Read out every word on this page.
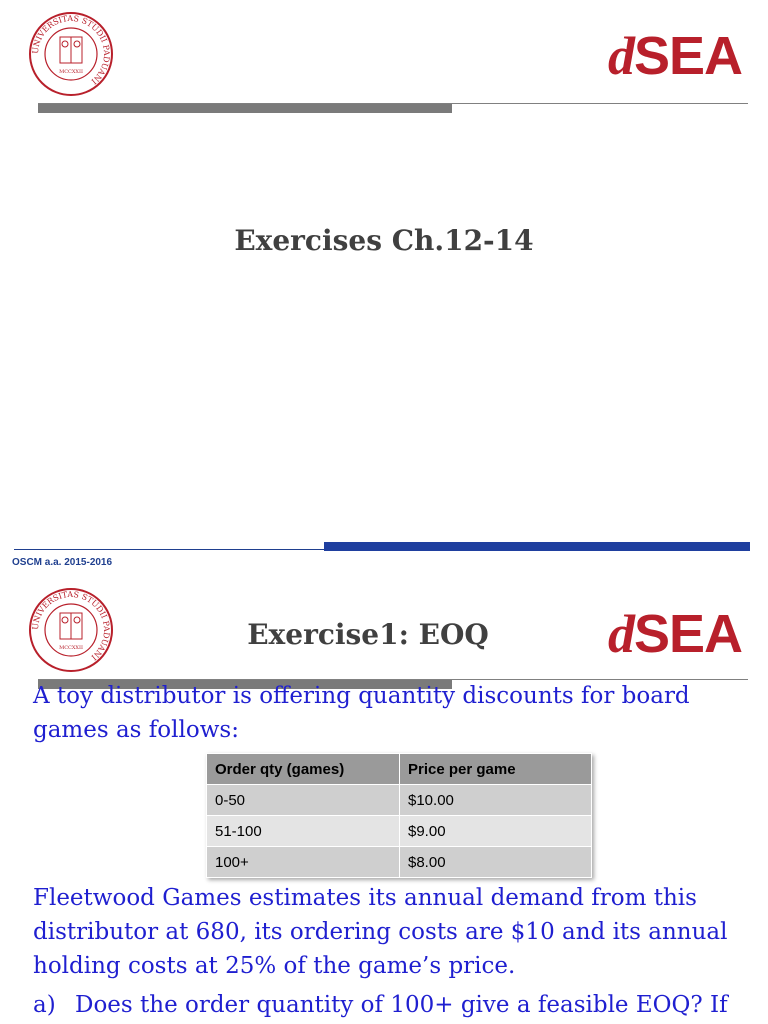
UNIVERSITAS STUDII PADUANI
MCCXXII	dSEA
Exercises Ch.12-14
OSCM a.a. 2015-2016
UNIVERSITAS STUDII PADUANI
MCCXXII	dSEA
Exercise1: EOQ
A toy distributor is offering quantity discounts for board
games as follows:
Order qty (games)	Price per game
0-50	$10.00
51-100	$9.00
100+	$8.00
Fleetwood Games estimates its annual demand from this
distributor at 680, its ordering costs are $10 and its annual
holding costs at 25% of the game’s price.
a) Does the order quantity of 100+ give a feasible EOQ? If
